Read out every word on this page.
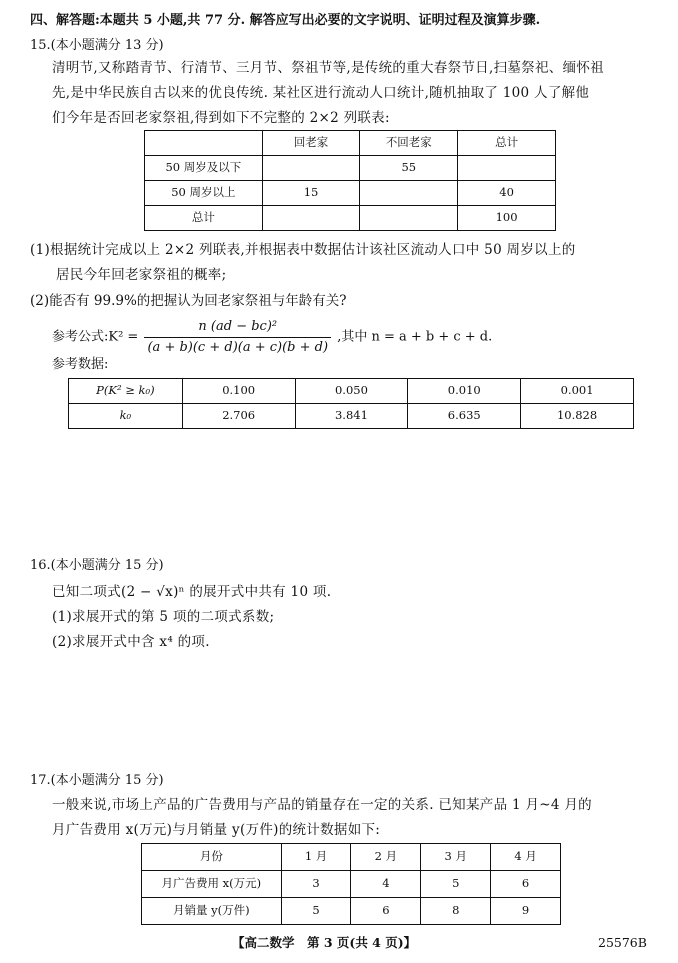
四、解答题:本题共 5 小题,共 77 分. 解答应写出必要的文字说明、证明过程及演算步骤.
15.(本小题满分 13 分)
清明节,又称踏青节、行清节、三月节、祭祖节等,是传统的重大春祭节日,扫墓祭祀、缅怀祖
先,是中华民族自古以来的优良传统. 某社区进行流动人口统计,随机抽取了 100 人了解他
们今年是否回老家祭祖,得到如下不完整的 2×2 列联表:
	回老家	不回老家	总计
50 周岁及以下		55	
50 周岁以上	15		40
总计			100
(1)根据统计完成以上 2×2 列联表,并根据表中数据估计该社区流动人口中 50 周岁以上的
居民今年回老家祭祖的概率;
(2)能否有 99.9%的把握认为回老家祭祖与年龄有关?
参考公式:K² = $\frac{\text{n (ad − bc)²}}{(a + b)(c + d)(a + c)(b + d)}$ ,其中 n = a + b + c + d.
参考数据:
P(K² ≥ k₀)	0.100	0.050	0.010	0.001
k₀	2.706	3.841	6.635	10.828
16.(本小题满分 15 分)
已知二项式(2 − √x)ⁿ 的展开式中共有 10 项.
(1)求展开式的第 5 项的二项式系数;
(2)求展开式中含 x⁴ 的项.
17.(本小题满分 15 分)
一般来说,市场上产品的广告费用与产品的销量存在一定的关系. 已知某产品 1 月~4 月的
月广告费用 x(万元)与月销量 y(万件)的统计数据如下:
月份	1 月	2 月	3 月	4 月
月广告费用 x(万元)	3	4	5	6
月销量 y(万件)	5	6	8	9
【高二数学　第 3 页(共 4 页)】	25576B
